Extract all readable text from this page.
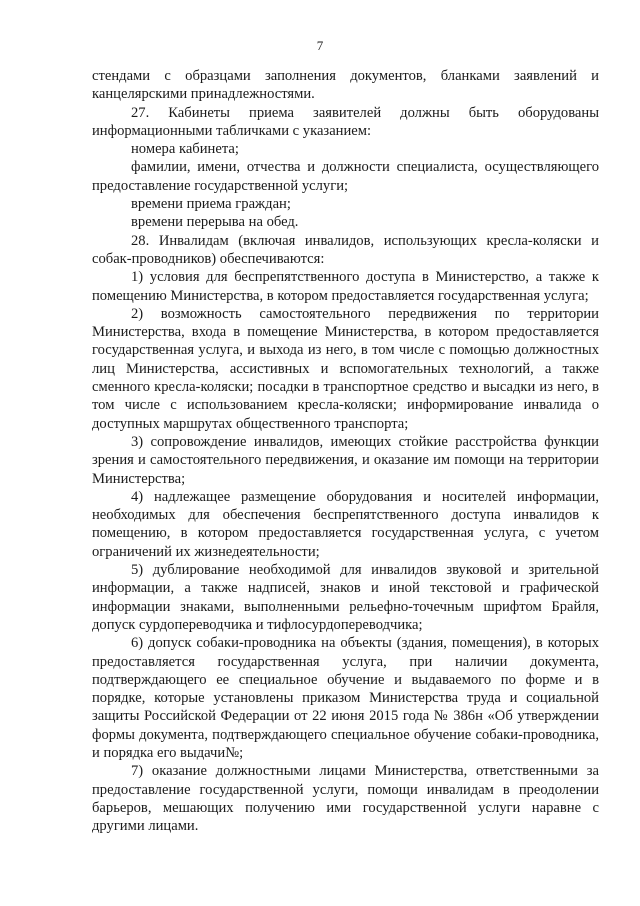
7

стендами с образцами заполнения документов, бланками заявлений и канцелярскими принадлежностями.

27. Кабинеты приема заявителей должны быть оборудованы информационными табличками с указанием:

номера кабинета;

фамилии, имени, отчества и должности специалиста, осуществляющего предоставление государственной услуги;

времени приема граждан;

времени перерыва на обед.

28. Инвалидам (включая инвалидов, использующих кресла-коляски и собак-проводников) обеспечиваются:

1) условия для беспрепятственного доступа в Министерство, а также к помещению Министерства, в котором предоставляется государственная услуга;

2) возможность самостоятельного передвижения по территории Министерства, входа в помещение Министерства, в котором предоставляется государственная услуга, и выхода из него, в том числе с помощью должностных лиц Министерства, ассистивных и вспомогательных технологий, а также сменного кресла-коляски; посадки в транспортное средство и высадки из него, в том числе с использованием кресла-коляски; информирование инвалида о доступных маршрутах общественного транспорта;

3) сопровождение инвалидов, имеющих стойкие расстройства функции зрения и самостоятельного передвижения, и оказание им помощи на территории Министерства;

4) надлежащее размещение оборудования и носителей информации, необходимых для обеспечения беспрепятственного доступа инвалидов к помещению, в котором предоставляется государственная услуга, с учетом ограничений их жизнедеятельности;

5) дублирование необходимой для инвалидов звуковой и зрительной информации, а также надписей, знаков и иной текстовой и графической информации знаками, выполненными рельефно-точечным шрифтом Брайля, допуск сурдопереводчика и тифлосурдопереводчика;

6) допуск собаки-проводника на объекты (здания, помещения), в которых предоставляется государственная услуга, при наличии документа, подтверждающего ее специальное обучение и выдаваемого по форме и в порядке, которые установлены приказом Министерства труда и социальной защиты Российской Федерации от 22 июня 2015 года № 386н «Об утверждении формы документа, подтверждающего специальное обучение собаки-проводника, и порядка его выдачи№;

7) оказание должностными лицами Министерства, ответственными за предоставление государственной услуги, помощи инвалидам в преодолении барьеров, мешающих получению ими государственной услуги наравне с другими лицами.
